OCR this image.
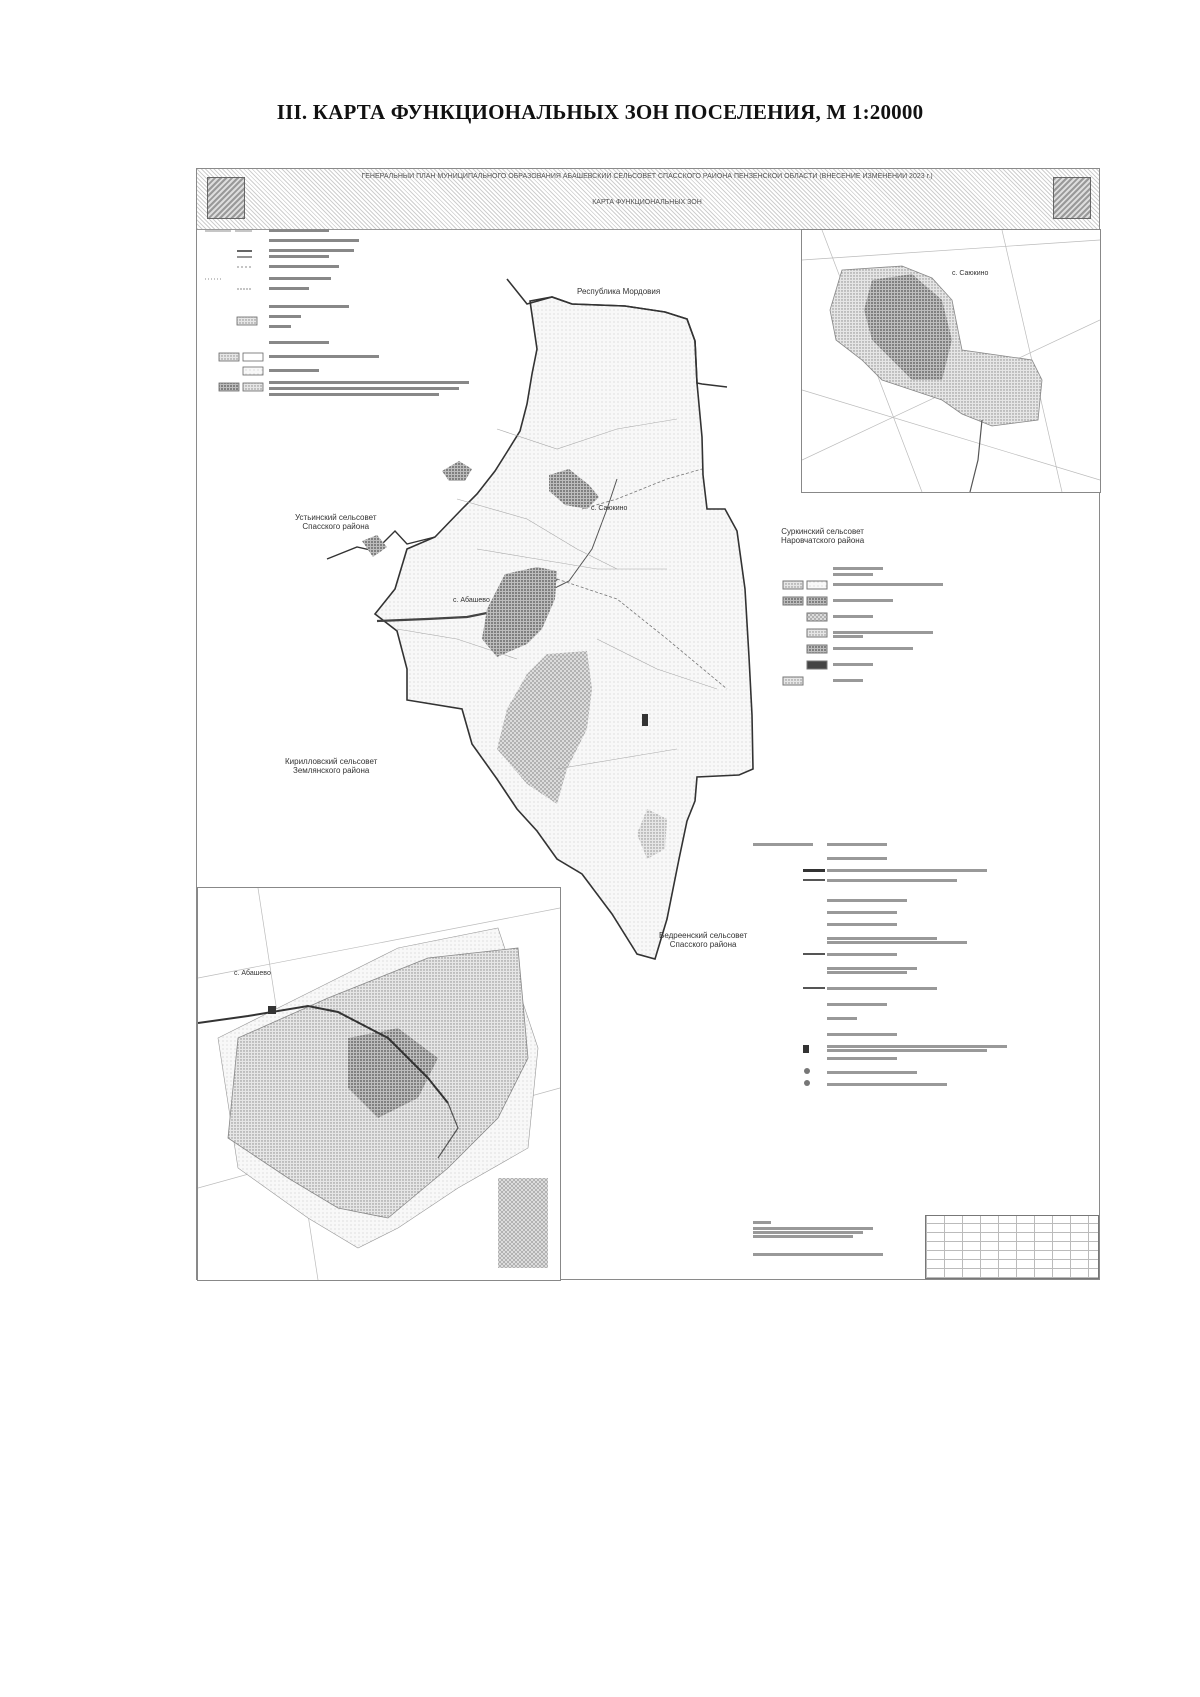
III. КАРТА ФУНКЦИОНАЛЬНЫХ ЗОН ПОСЕЛЕНИЯ, М 1:20000
ГЕНЕРАЛЬНЫЙ ПЛАН МУНИЦИПАЛЬНОГО ОБРАЗОВАНИЯ АБАШЕВСКИЙ СЕЛЬСОВЕТ СПАССКОГО РАЙОНА ПЕНЗЕНСКОЙ ОБЛАСТИ (ВНЕСЕНИЕ ИЗМЕНЕНИЙ 2023 г.)
КАРТА ФУНКЦИОНАЛЬНЫХ ЗОН
Республика Мордовия
с. Саюкино
с. Абашево
Устьинский сельсовет
Спасского района
Суркинский сельсовет
Наровчатского района
Кирилловский сельсовет
Землянского района
Ведреенский сельсовет
Спасского района
с. Саюкино
с. Абашево
